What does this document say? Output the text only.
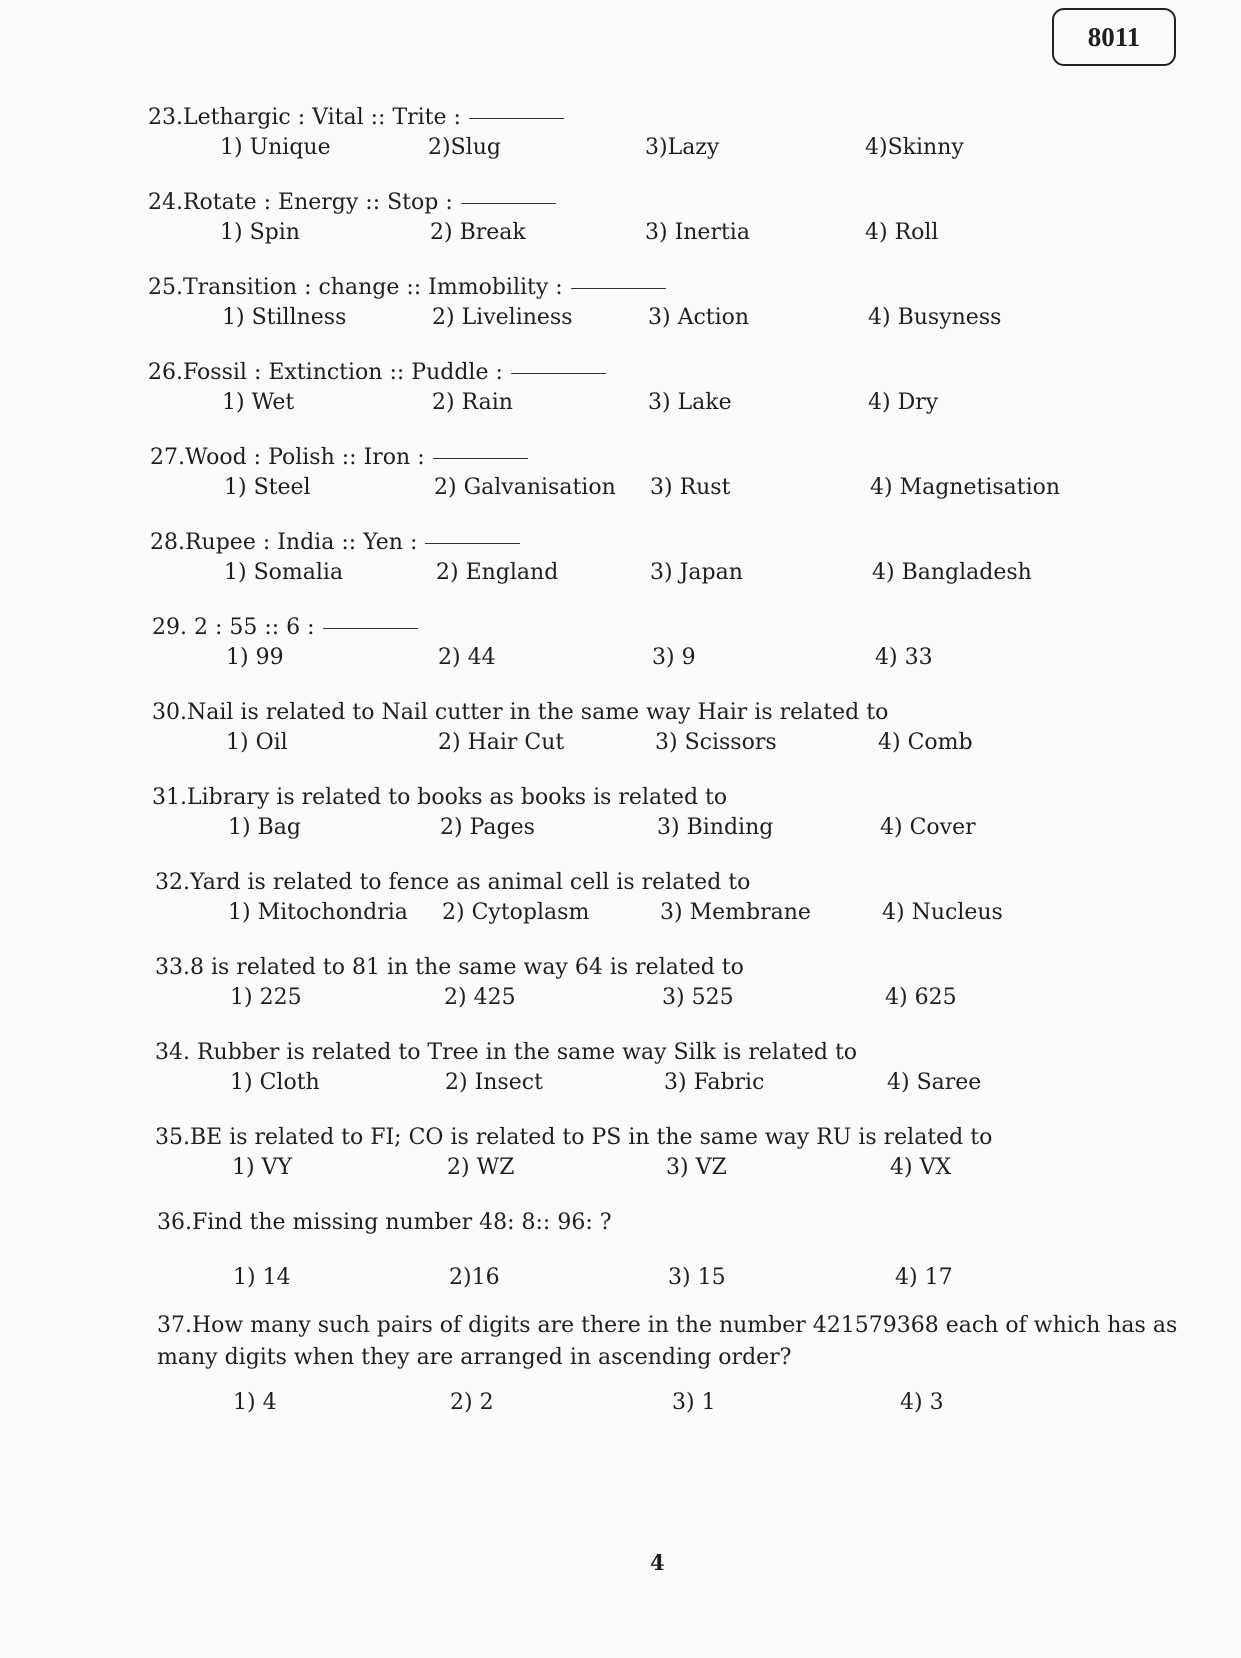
8011
23.Lethargic : Vital :: Trite :
1) Unique	2)Slug	3)Lazy	4)Skinny
24.Rotate : Energy :: Stop :
1) Spin	2) Break	3) Inertia	4) Roll
25.Transition : change :: Immobility :
1) Stillness	2) Liveliness	3) Action	4) Busyness
26.Fossil : Extinction :: Puddle :
1) Wet	2) Rain	3) Lake	4) Dry
27.Wood : Polish :: Iron :
1) Steel	2) Galvanisation 3) Rust	4) Magnetisation
28.Rupee : India :: Yen :
1) Somalia	2) England	3) Japan	4) Bangladesh
29. 2 : 55 :: 6 :
1) 99	2) 44	3) 9	4) 33
30.Nail is related to Nail cutter in the same way Hair is related to
1) Oil	2) Hair Cut	3) Scissors	4) Comb
31.Library is related to books as books is related to
1) Bag	2) Pages	3) Binding	4) Cover
32.Yard is related to fence as animal cell is related to
1) Mitochondria 2) Cytoplasm	3) Membrane	4) Nucleus
33.8 is related to 81 in the same way 64 is related to
1) 225	2) 425	3) 525	4) 625
34. Rubber is related to Tree in the same way Silk is related to
1) Cloth	2) Insect	3) Fabric	4) Saree
35.BE is related to FI; CO is related to PS in the same way RU is related to
1) VY	2) WZ	3) VZ	4) VX
36.Find the missing number 48: 8:: 96: ?
1) 14	2)16	3) 15	4) 17
37.How many such pairs of digits are there in the number 421579368 each of which has as many digits when they are arranged in ascending order?
1) 4	2) 2	3) 1	4) 3
4
